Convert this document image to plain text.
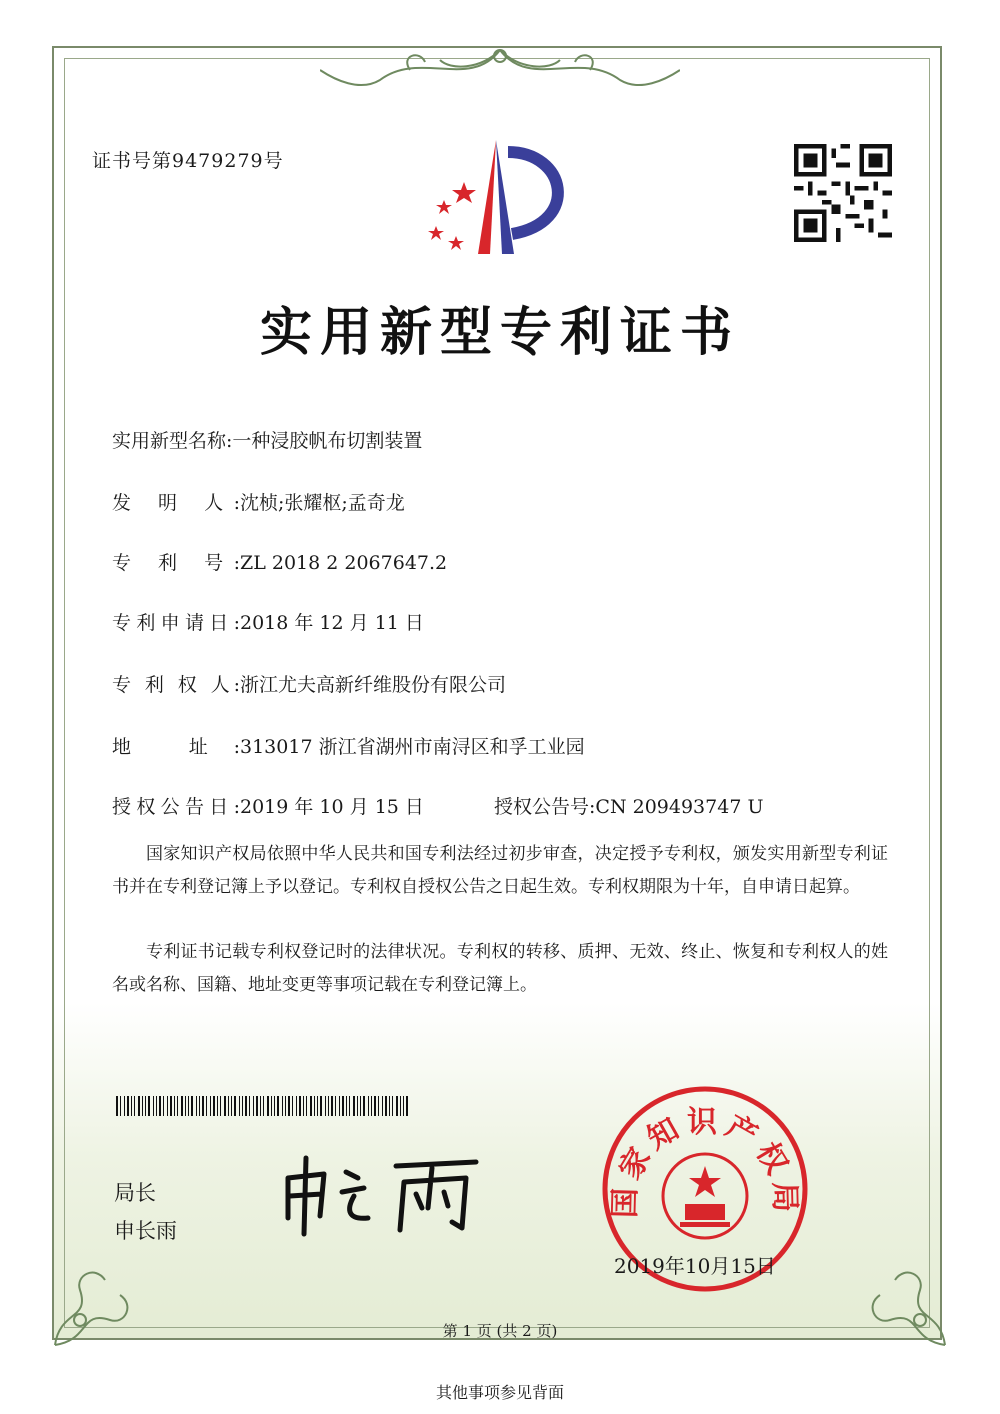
证书号第9479279号
实用新型专利证书
实用新型名称:一种浸胶帆布切割装置
发 明 人:沈桢;张耀枢;孟奇龙
专 利 号:ZL 2018 2 2067647.2
专利申请日:2018 年 12 月 11 日
专 利 权 人:浙江尤夫高新纤维股份有限公司
地 址:313017 浙江省湖州市南浔区和孚工业园
授权公告日:2019 年 10 月 15 日	授权公告号:CN 209493747 U
国家知识产权局依照中华人民共和国专利法经过初步审查，决定授予专利权，颁发实用新型专利证书并在专利登记簿上予以登记。专利权自授权公告之日起生效。专利权期限为十年，自申请日起算。
专利证书记载专利权登记时的法律状况。专利权的转移、质押、无效、终止、恢复和专利权人的姓名或名称、国籍、地址变更等事项记载在专利登记簿上。
局长
申长雨
国家知识产权局
2019年10月15日
第 1 页 (共 2 页)
其他事项参见背面
